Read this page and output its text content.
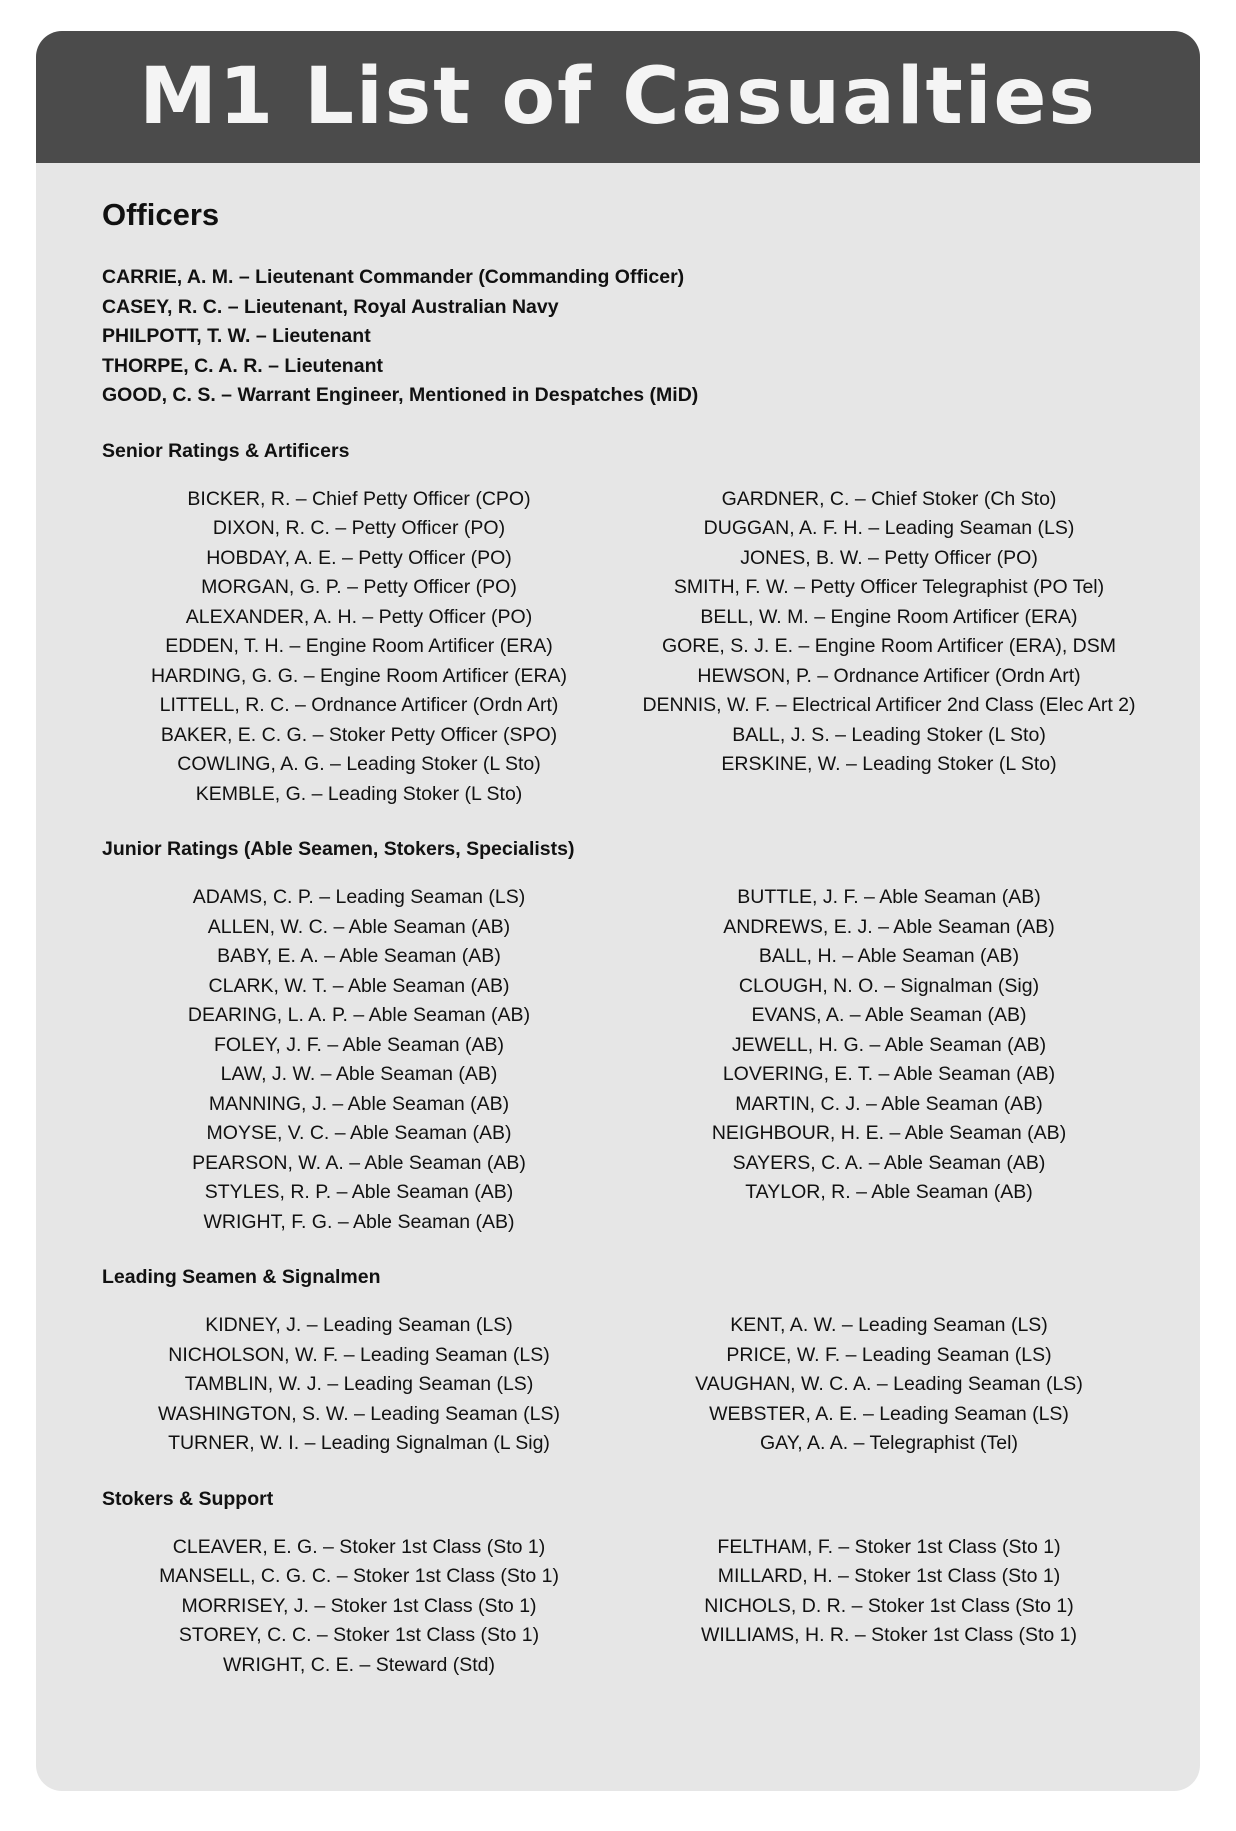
M1 List of Casualties
Officers
CARRIE, A. M. – Lieutenant Commander (Commanding Officer)
CASEY, R. C. – Lieutenant, Royal Australian Navy
PHILPOTT, T. W. – Lieutenant
THORPE, C. A. R. – Lieutenant
GOOD, C. S. – Warrant Engineer, Mentioned in Despatches (MiD)
Senior Ratings & Artificers
BICKER, R. – Chief Petty Officer (CPO)
DIXON, R. C. – Petty Officer (PO)
HOBDAY, A. E. – Petty Officer (PO)
MORGAN, G. P. – Petty Officer (PO)
ALEXANDER, A. H. – Petty Officer (PO)
EDDEN, T. H. – Engine Room Artificer (ERA)
HARDING, G. G. – Engine Room Artificer (ERA)
LITTELL, R. C. – Ordnance Artificer (Ordn Art)
BAKER, E. C. G. – Stoker Petty Officer (SPO)
COWLING, A. G. – Leading Stoker (L Sto)
KEMBLE, G. – Leading Stoker (L Sto)
GARDNER, C. – Chief Stoker (Ch Sto)
DUGGAN, A. F. H. – Leading Seaman (LS)
JONES, B. W. – Petty Officer (PO)
SMITH, F. W. – Petty Officer Telegraphist (PO Tel)
BELL, W. M. – Engine Room Artificer (ERA)
GORE, S. J. E. – Engine Room Artificer (ERA), DSM
HEWSON, P. – Ordnance Artificer (Ordn Art)
DENNIS, W. F. – Electrical Artificer 2nd Class (Elec Art 2)
BALL, J. S. – Leading Stoker (L Sto)
ERSKINE, W. – Leading Stoker (L Sto)
Junior Ratings (Able Seamen, Stokers, Specialists)
ADAMS, C. P. – Leading Seaman (LS)
ALLEN, W. C. – Able Seaman (AB)
BABY, E. A. – Able Seaman (AB)
CLARK, W. T. – Able Seaman (AB)
DEARING, L. A. P. – Able Seaman (AB)
FOLEY, J. F. – Able Seaman (AB)
LAW, J. W. – Able Seaman (AB)
MANNING, J. – Able Seaman (AB)
MOYSE, V. C. – Able Seaman (AB)
PEARSON, W. A. – Able Seaman (AB)
STYLES, R. P. – Able Seaman (AB)
WRIGHT, F. G. – Able Seaman (AB)
BUTTLE, J. F. – Able Seaman (AB)
ANDREWS, E. J. – Able Seaman (AB)
BALL, H. – Able Seaman (AB)
CLOUGH, N. O. – Signalman (Sig)
EVANS, A. – Able Seaman (AB)
JEWELL, H. G. – Able Seaman (AB)
LOVERING, E. T. – Able Seaman (AB)
MARTIN, C. J. – Able Seaman (AB)
NEIGHBOUR, H. E. – Able Seaman (AB)
SAYERS, C. A. – Able Seaman (AB)
TAYLOR, R. – Able Seaman (AB)
Leading Seamen & Signalmen
KIDNEY, J. – Leading Seaman (LS)
NICHOLSON, W. F. – Leading Seaman (LS)
TAMBLIN, W. J. – Leading Seaman (LS)
WASHINGTON, S. W. – Leading Seaman (LS)
TURNER, W. I. – Leading Signalman (L Sig)
KENT, A. W. – Leading Seaman (LS)
PRICE, W. F. – Leading Seaman (LS)
VAUGHAN, W. C. A. – Leading Seaman (LS)
WEBSTER, A. E. – Leading Seaman (LS)
GAY, A. A. – Telegraphist (Tel)
Stokers & Support
CLEAVER, E. G. – Stoker 1st Class (Sto 1)
MANSELL, C. G. C. – Stoker 1st Class (Sto 1)
MORRISEY, J. – Stoker 1st Class (Sto 1)
STOREY, C. C. – Stoker 1st Class (Sto 1)
WRIGHT, C. E. – Steward (Std)
FELTHAM, F. – Stoker 1st Class (Sto 1)
MILLARD, H. – Stoker 1st Class (Sto 1)
NICHOLS, D. R. – Stoker 1st Class (Sto 1)
WILLIAMS, H. R. – Stoker 1st Class (Sto 1)
